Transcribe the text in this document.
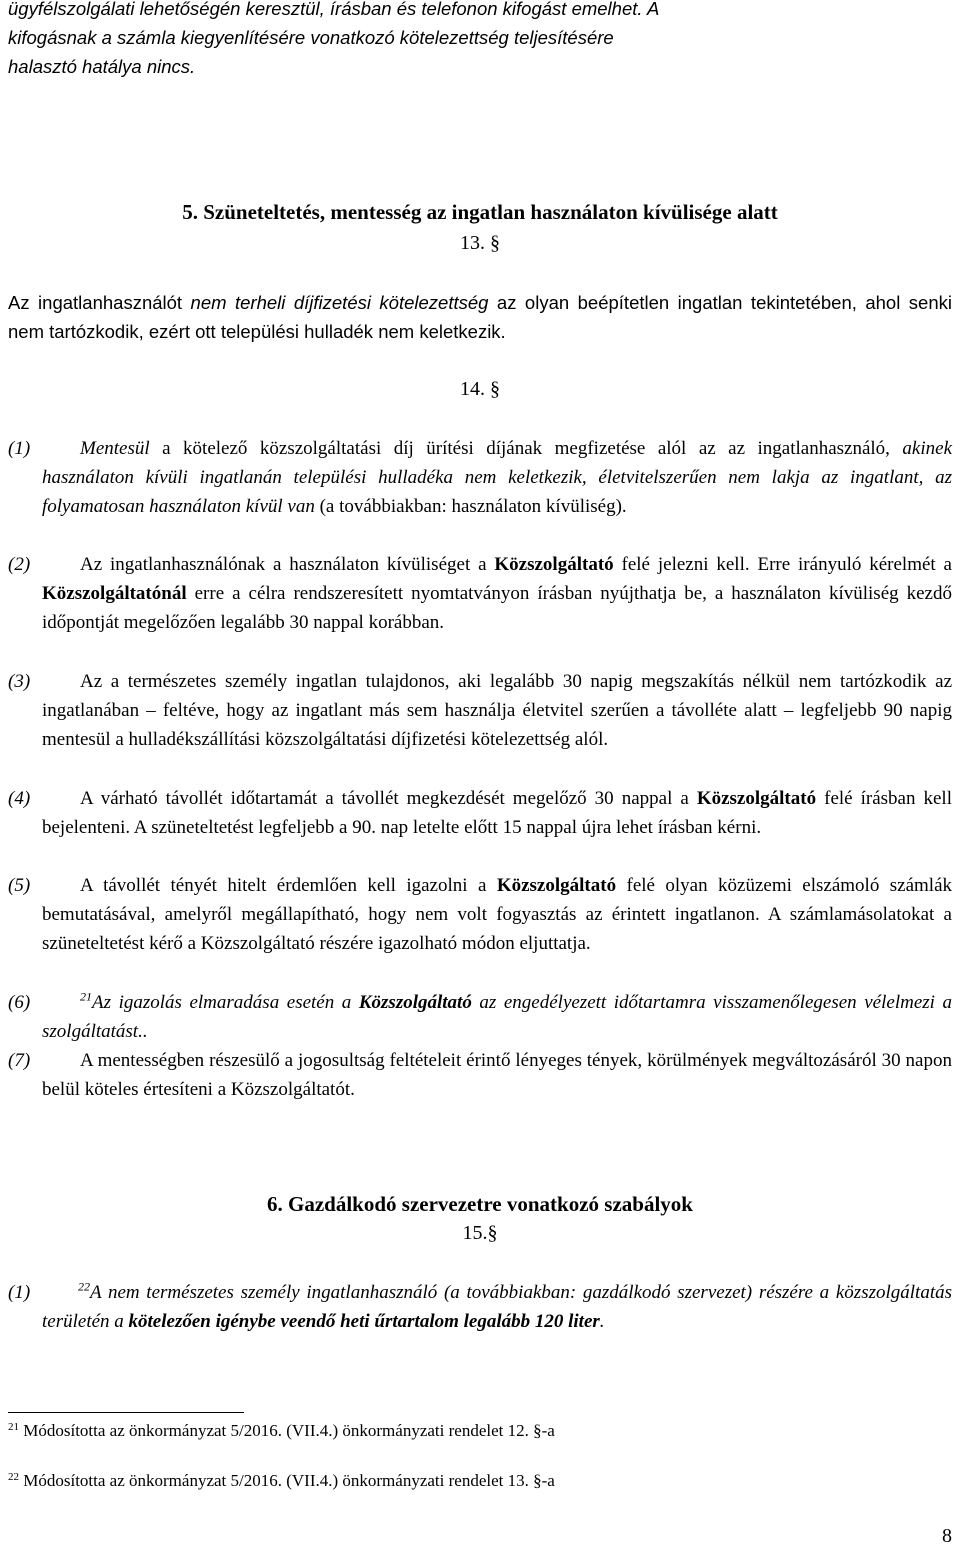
ügyfélszolgálati lehetőségén keresztül, írásban és telefonon kifogást emelhet. A
kifogásnak a számla kiegyenlítésére vonatkozó kötelezettség teljesítésére
halasztó hatálya nincs.
5. Szüneteltetés, mentesség az ingatlan használaton kívülisége alatt
13. §
Az ingatlanhasználót nem terheli díjfizetési kötelezettség az olyan beépítetlen ingatlan tekintetében, ahol senki nem tartózkodik, ezért ott települési hulladék nem keletkezik.
14. §
(1)	Mentesül a kötelező közszolgáltatási díj ürítési díjának megfizetése alól az az ingatlanhasználó, akinek használaton kívüli ingatlanán települési hulladéka nem keletkezik, életvitelszerűen nem lakja az ingatlant, az folyamatosan használaton kívül van (a továbbiakban: használaton kívüliség).
(2)	Az ingatlanhasználónak a használaton kívüliséget a Közszolgáltató felé jelezni kell. Erre irányuló kérelmét a Közszolgáltatónál erre a célra rendszeresített nyomtatványon írásban nyújthatja be, a használaton kívüliség kezdő időpontját megelőzően legalább 30 nappal korábban.
(3)	Az a természetes személy ingatlan tulajdonos, aki legalább 30 napig megszakítás nélkül nem tartózkodik az ingatlanában – feltéve, hogy az ingatlant más sem használja életvitel szerűen a távolléte alatt – legfeljebb 90 napig mentesül a hulladékszállítási közszolgáltatási díjfizetési kötelezettség alól.
(4)	A várható távollét időtartamát a távollét megkezdését megelőző 30 nappal a Közszolgáltató felé írásban kell bejelenteni. A szüneteltetést legfeljebb a 90. nap letelte előtt 15 nappal újra lehet írásban kérni.
(5)	A távollét tényét hitelt érdemlően kell igazolni a Közszolgáltató felé olyan közüzemi elszámoló számlák bemutatásával, amelyről megállapítható, hogy nem volt fogyasztás az érintett ingatlanon. A számlamásolatokat a szüneteltetést kérő a Közszolgáltató részére igazolható módon eljuttatja.
(6)	$^{21}$Az igazolás elmaradása esetén a Közszolgáltató az engedélyezett időtartamra visszamenőlegesen vélelmezi a szolgáltatást..
(7)	A mentességben részesülő a jogosultság feltételeit érintő lényeges tények, körülmények megváltozásáról 30 napon belül köteles értesíteni a Közszolgáltatót.
6. Gazdálkodó szervezetre vonatkozó szabályok
15.§
(1)	$^{22}$A nem természetes személy ingatlanhasználó (a továbbiakban: gazdálkodó szervezet) részére a közszolgáltatás területén a kötelezően igénybe veendő heti űrtartalom legalább 120 liter.
$^{21}$ Módosította az önkormányzat 5/2016. (VII.4.) önkormányzati rendelet 12. §-a
$^{22}$ Módosította az önkormányzat 5/2016. (VII.4.) önkormányzati rendelet 13. §-a
8
